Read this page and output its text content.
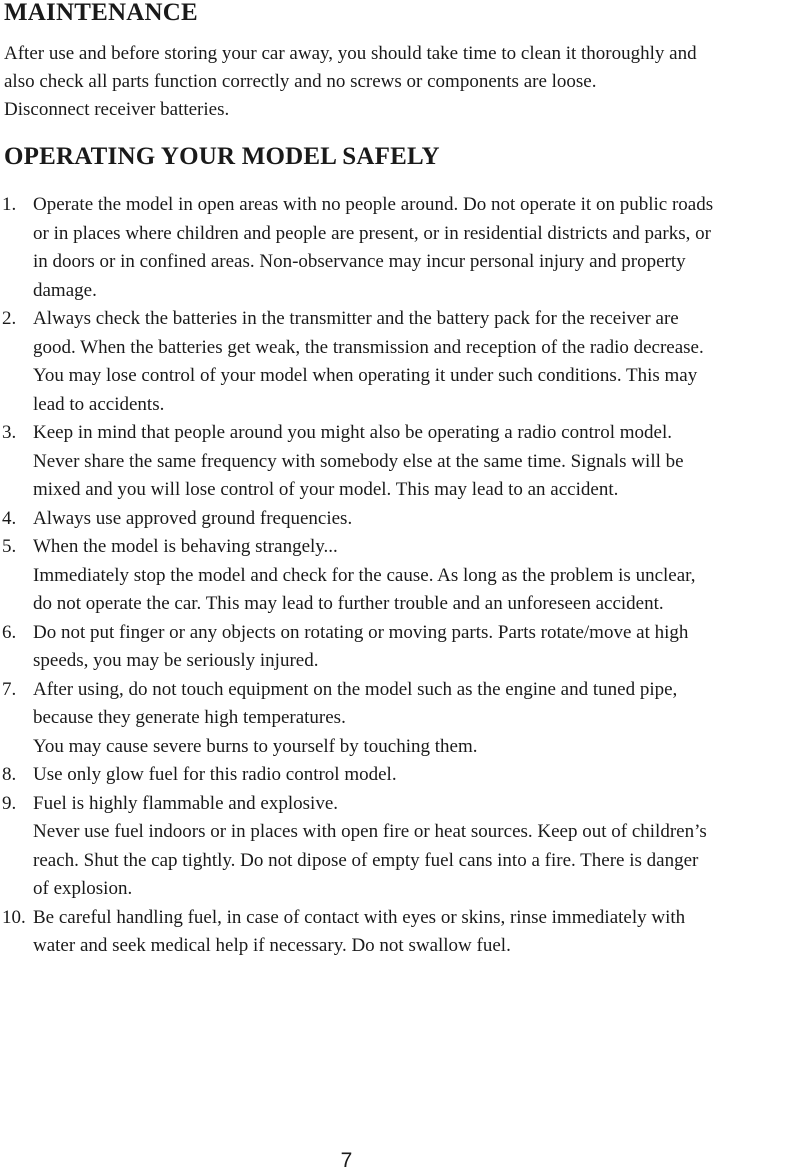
MAINTENANCE
After use and before storing your car away, you should take time to clean it thoroughly and
also check all parts function correctly and no screws or components are loose.
Disconnect receiver batteries.
OPERATING YOUR MODEL SAFELY
1. Operate the model in open areas with no people around. Do not operate it on public roads
or in places where children and people are present, or in residential districts and parks, or
in doors or in confined areas. Non-observance may incur personal injury and property
damage.
2. Always check the batteries in the transmitter and the battery pack for the receiver are
good. When the batteries get weak, the transmission and reception of the radio decrease.
You may lose control of your model when operating it under such conditions. This may
lead to accidents.
3. Keep in mind that people around you might also be operating a radio control model.
Never share the same frequency with somebody else at the same time. Signals will be
mixed and you will lose control of your model. This may lead to an accident.
4. Always use approved ground frequencies.
5. When the model is behaving strangely...
Immediately stop the model and check for the cause. As long as the problem is unclear,
do not operate the car. This may lead to further trouble and an unforeseen accident.
6. Do not put finger or any objects on rotating or moving parts. Parts rotate/move at high
speeds, you may be seriously injured.
7. After using, do not touch equipment on the model such as the engine and tuned pipe,
because they generate high temperatures.
You may cause severe burns to yourself by touching them.
8. Use only glow fuel for this radio control model.
9. Fuel is highly flammable and explosive.
Never use fuel indoors or in places with open fire or heat sources. Keep out of children’s
reach. Shut the cap tightly. Do not dipose of empty fuel cans into a fire. There is danger
of explosion.
10. Be careful handling fuel, in case of contact with eyes or skins, rinse immediately with
water and seek medical help if necessary. Do not swallow fuel.
7
